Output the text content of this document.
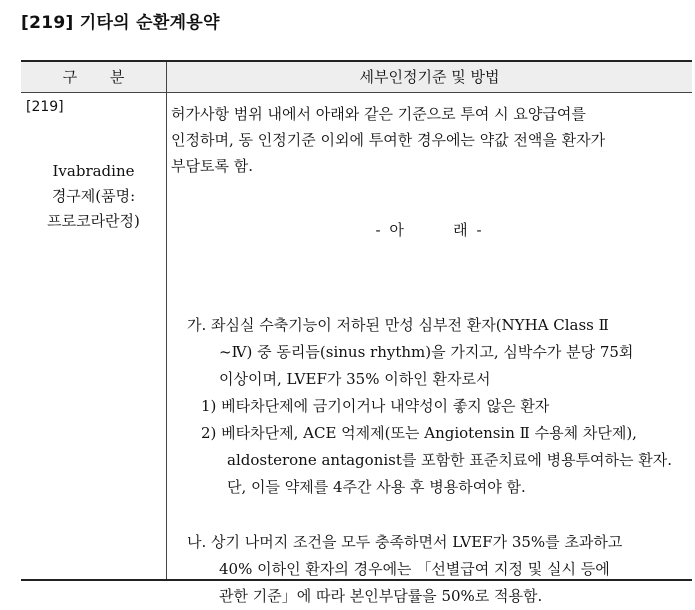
[219] 기타의 순환계용약
구 분	세부인정기준 및 방법
[219]
Ivabradine
경구제(품명:
프로코라란정)
허가사항 범위 내에서 아래와 같은 기준으로 투여 시 요양급여를
인정하며, 동 인정기준 이외에 투여한 경우에는 약값 전액을 환자가
부담토록 함.
- 아       래 -
가. 좌심실 수축기능이 저하된 만성 심부전 환자(NYHA Class Ⅱ
~Ⅳ) 중 동리듬(sinus rhythm)을 가지고, 심박수가 분당 75회
이상이며, LVEF가 35% 이하인 환자로서
1) 베타차단제에 금기이거나 내약성이 좋지 않은 환자
2) 베타차단제, ACE 억제제(또는 Angiotensin Ⅱ 수용체 차단제),
aldosterone antagonist를 포함한 표준치료에 병용투여하는 환자.
단, 이들 약제를 4주간 사용 후 병용하여야 함.
나. 상기 나머지 조건을 모두 충족하면서 LVEF가 35%를 초과하고
40% 이하인 환자의 경우에는 「선별급여 지정 및 실시 등에
관한 기준」에 따라 본인부담률을 50%로 적용함.
